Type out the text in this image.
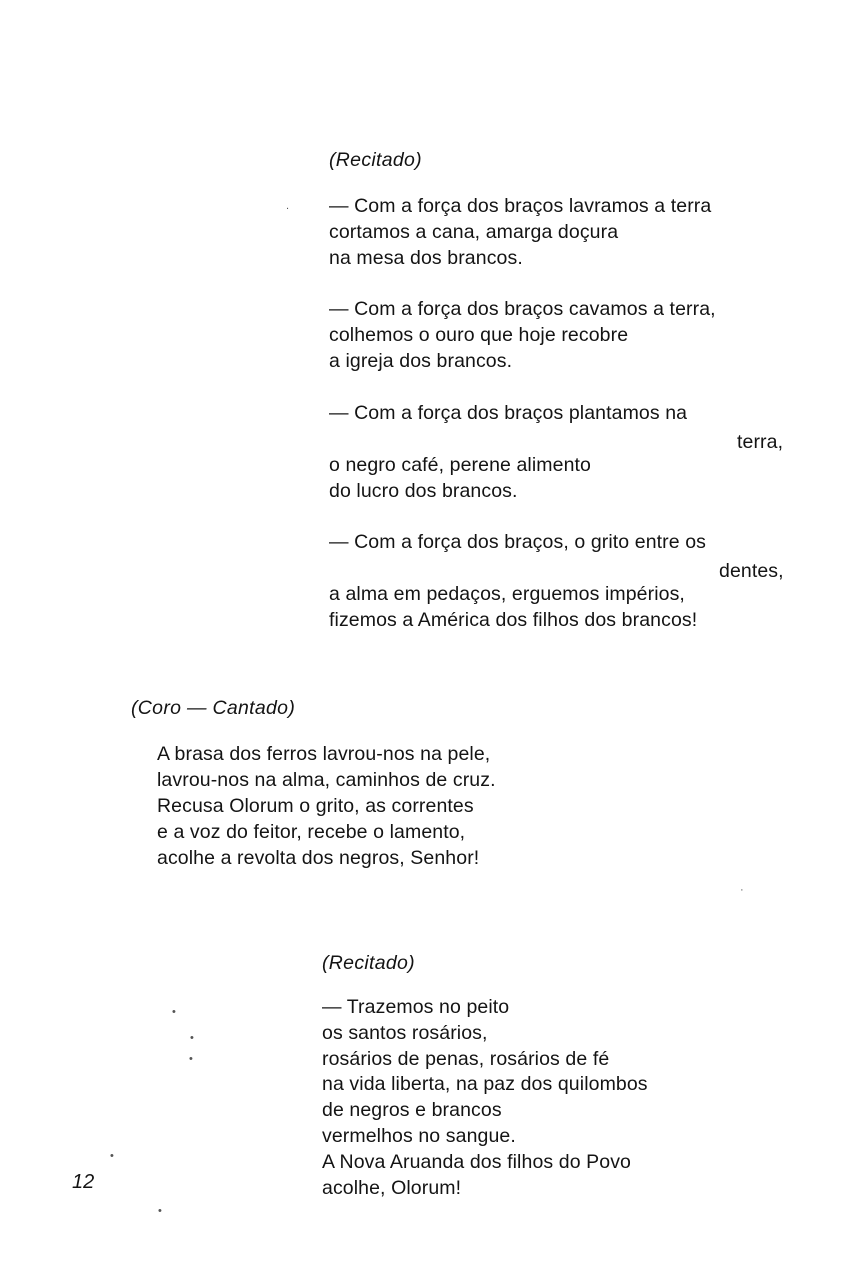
(Recitado)
— Com a força dos braços lavramos a terra
cortamos a cana, amarga doçura
na mesa dos brancos.
— Com a força dos braços cavamos a terra,
colhemos o ouro que hoje recobre
a igreja dos brancos.
— Com a força dos braços plantamos na
terra,
o negro café, perene alimento
do lucro dos brancos.
— Com a força dos braços, o grito entre os
dentes,
a alma em pedaços, erguemos impérios,
fizemos a América dos filhos dos brancos!
(Coro — Cantado)
A brasa dos ferros lavrou-nos na pele,
lavrou-nos na alma, caminhos de cruz.
Recusa Olorum o grito, as correntes
e a voz do feitor, recebe o lamento,
acolhe a revolta dos negros, Senhor!
(Recitado)
— Trazemos no peito
os santos rosários,
rosários de penas, rosários de fé
na vida liberta, na paz dos quilombos
de negros e brancos
vermelhos no sangue.
A Nova Aruanda dos filhos do Povo
acolhe, Olorum!
12
.
•
•
•
•
•
·
